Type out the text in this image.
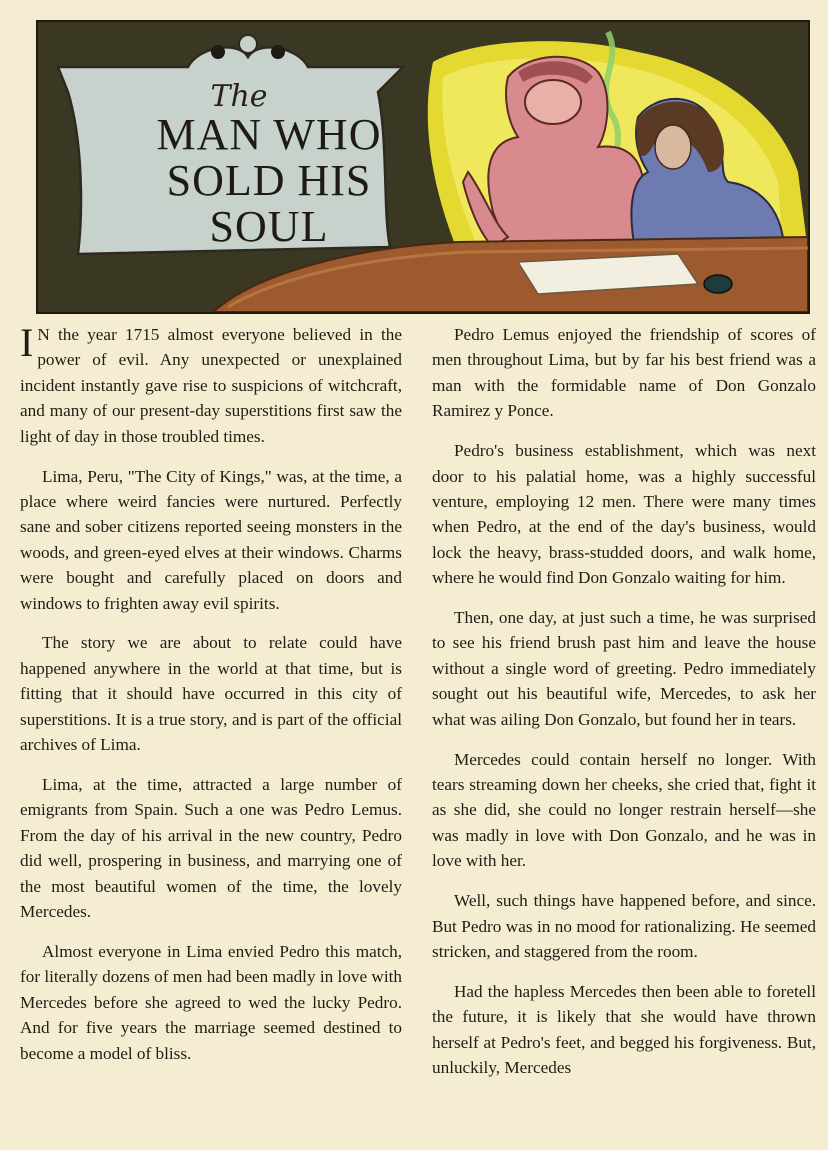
The
MAN WHO
SOLD HIS
SOUL

I N the year 1715 almost everyone believed in the power of evil. Any unexpected or unexplained incident instantly gave rise to suspicions of witchcraft, and many of our present-day superstitions first saw the light of day in those troubled times.

Lima, Peru, "The City of Kings," was, at the time, a place where weird fancies were nurtured. Perfectly sane and sober citizens reported seeing monsters in the woods, and green-eyed elves at their windows. Charms were bought and carefully placed on doors and windows to frighten away evil spirits.

The story we are about to relate could have happened anywhere in the world at that time, but is fitting that it should have occurred in this city of superstitions. It is a true story, and is part of the official archives of Lima.

Lima, at the time, attracted a large number of emigrants from Spain. Such a one was Pedro Lemus. From the day of his arrival in the new country, Pedro did well, prospering in business, and marrying one of the most beautiful women of the time, the lovely Mercedes.

Almost everyone in Lima envied Pedro this match, for literally dozens of men had been madly in love with Mercedes before she agreed to wed the lucky Pedro. And for five years the marriage seemed destined to become a model of bliss.

Pedro Lemus enjoyed the friendship of scores of men throughout Lima, but by far his best friend was a man with the formidable name of Don Gonzalo Ramirez y Ponce.

Pedro's business establishment, which was next door to his palatial home, was a highly successful venture, employing 12 men. There were many times when Pedro, at the end of the day's business, would lock the heavy, brass-studded doors, and walk home, where he would find Don Gonzalo waiting for him.

Then, one day, at just such a time, he was surprised to see his friend brush past him and leave the house without a single word of greeting. Pedro immediately sought out his beautiful wife, Mercedes, to ask her what was ailing Don Gonzalo, but found her in tears.

Mercedes could contain herself no longer. With tears streaming down her cheeks, she cried that, fight it as she did, she could no longer restrain herself—she was madly in love with Don Gonzalo, and he was in love with her.

Well, such things have happened before, and since. But Pedro was in no mood for rationalizing. He seemed stricken, and staggered from the room.

Had the hapless Mercedes then been able to foretell the future, it is likely that she would have thrown herself at Pedro's feet, and begged his forgiveness. But, unluckily, Mercedes
